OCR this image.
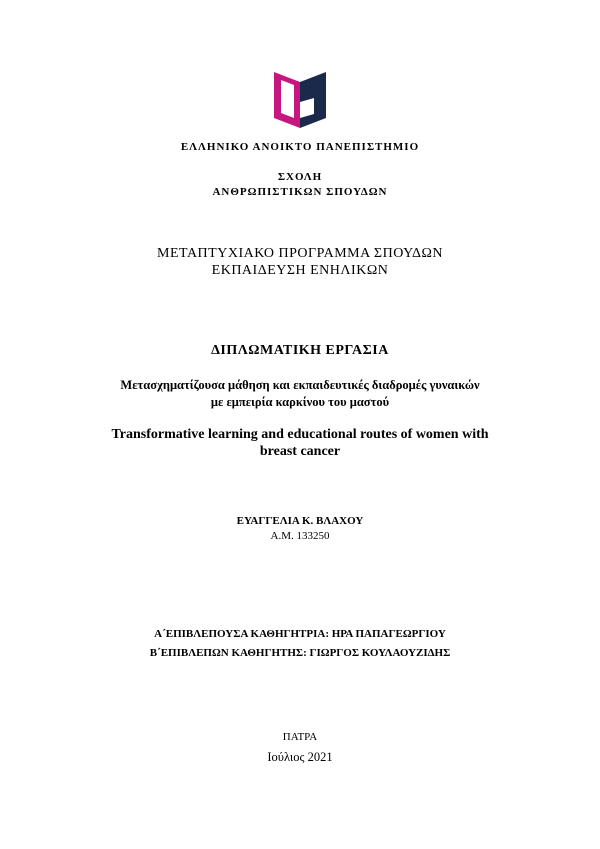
ΕΛΛΗΝΙΚΟ ΑΝΟΙΚΤΟ ΠΑΝΕΠΙΣΤΗΜΙΟ
ΣΧΟΛΗ
ΑΝΘΡΩΠΙΣΤΙΚΩΝ ΣΠΟΥΔΩΝ
ΜΕΤΑΠΤΥΧΙΑΚΟ ΠΡΟΓΡΑΜΜΑ ΣΠΟΥΔΩΝ
ΕΚΠΑΙΔΕΥΣΗ ΕΝΗΛΙΚΩΝ
ΔΙΠΛΩΜΑΤΙΚΗ ΕΡΓΑΣΙΑ
Μετασχηματίζουσα μάθηση και εκπαιδευτικές διαδρομές γυναικών
με εμπειρία καρκίνου του μαστού
Transformative learning and educational routes of women with
breast cancer
ΕΥΑΓΓΕΛΙΑ Κ. ΒΛΑΧΟΥ
Α.Μ. 133250
Α΄ΕΠΙΒΛΕΠΟΥΣΑ ΚΑΘΗΓΗΤΡΙΑ: ΗΡΑ ΠΑΠΑΓΕΩΡΓΙΟΥ
Β΄ΕΠΙΒΛΕΠΩΝ ΚΑΘΗΓΗΤΗΣ: ΓΙΩΡΓΟΣ ΚΟΥΛΑΟΥΖΙΔΗΣ
ΠΑΤΡΑ
Ιούλιος 2021
